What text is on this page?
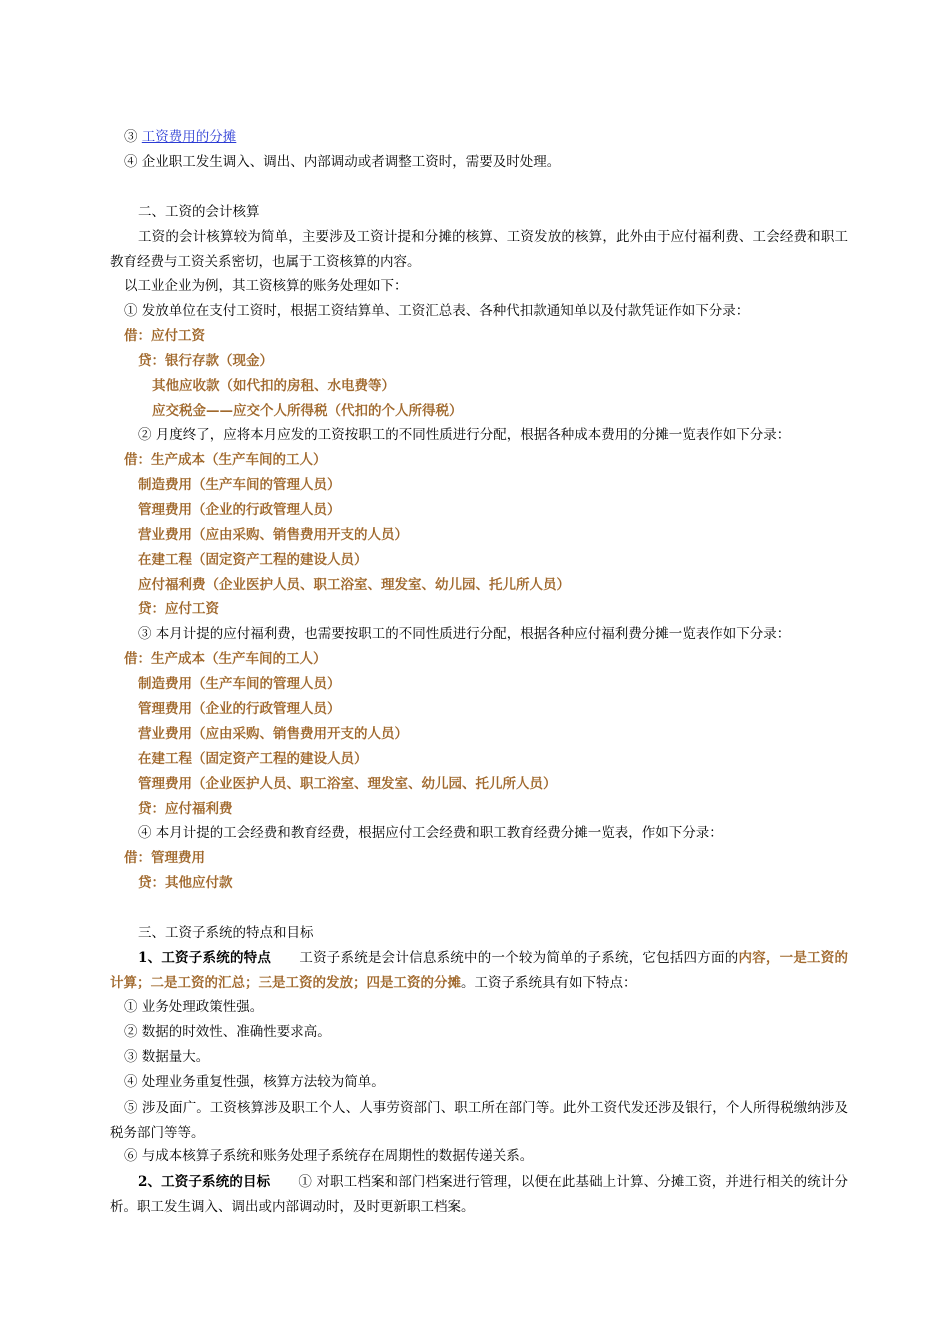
③ 工资费用的分摊
④ 企业职工发生调入、调出、内部调动或者调整工资时，需要及时处理。
二、工资的会计核算
工资的会计核算较为简单，主要涉及工资计提和分摊的核算、工资发放的核算，此外由于应付福利费、工会经费和职工教育经费与工资关系密切，也属于工资核算的内容。
以工业企业为例，其工资核算的账务处理如下：
① 发放单位在支付工资时，根据工资结算单、工资汇总表、各种代扣款通知单以及付款凭证作如下分录：
借：应付工资
贷：银行存款（现金）
其他应收款（如代扣的房租、水电费等）
应交税金——应交个人所得税（代扣的个人所得税）
② 月度终了，应将本月应发的工资按职工的不同性质进行分配，根据各种成本费用的分摊一览表作如下分录：
借：生产成本（生产车间的工人）
制造费用（生产车间的管理人员）
管理费用（企业的行政管理人员）
营业费用（应由采购、销售费用开支的人员）
在建工程（固定资产工程的建设人员）
应付福利费（企业医护人员、职工浴室、理发室、幼儿园、托儿所人员）
贷：应付工资
③ 本月计提的应付福利费，也需要按职工的不同性质进行分配，根据各种应付福利费分摊一览表作如下分录：
借：生产成本（生产车间的工人）
制造费用（生产车间的管理人员）
管理费用（企业的行政管理人员）
营业费用（应由采购、销售费用开支的人员）
在建工程（固定资产工程的建设人员）
管理费用（企业医护人员、职工浴室、理发室、幼儿园、托儿所人员）
贷：应付福利费
④ 本月计提的工会经费和教育经费，根据应付工会经费和职工教育经费分摊一览表，作如下分录：
借：管理费用
贷：其他应付款
三、工资子系统的特点和目标
1、工资子系统的特点 工资子系统是会计信息系统中的一个较为简单的子系统，它包括四方面的内容，一是工资的计算；二是工资的汇总；三是工资的发放；四是工资的分摊。工资子系统具有如下特点：
① 业务处理政策性强。
② 数据的时效性、准确性要求高。
③ 数据量大。
④ 处理业务重复性强，核算方法较为简单。
⑤ 涉及面广。工资核算涉及职工个人、人事劳资部门、职工所在部门等。此外工资代发还涉及银行，个人所得税缴纳涉及税务部门等等。
⑥ 与成本核算子系统和账务处理子系统存在周期性的数据传递关系。
2、工资子系统的目标 ① 对职工档案和部门档案进行管理，以便在此基础上计算、分摊工资，并进行相关的统计分析。职工发生调入、调出或内部调动时，及时更新职工档案。
